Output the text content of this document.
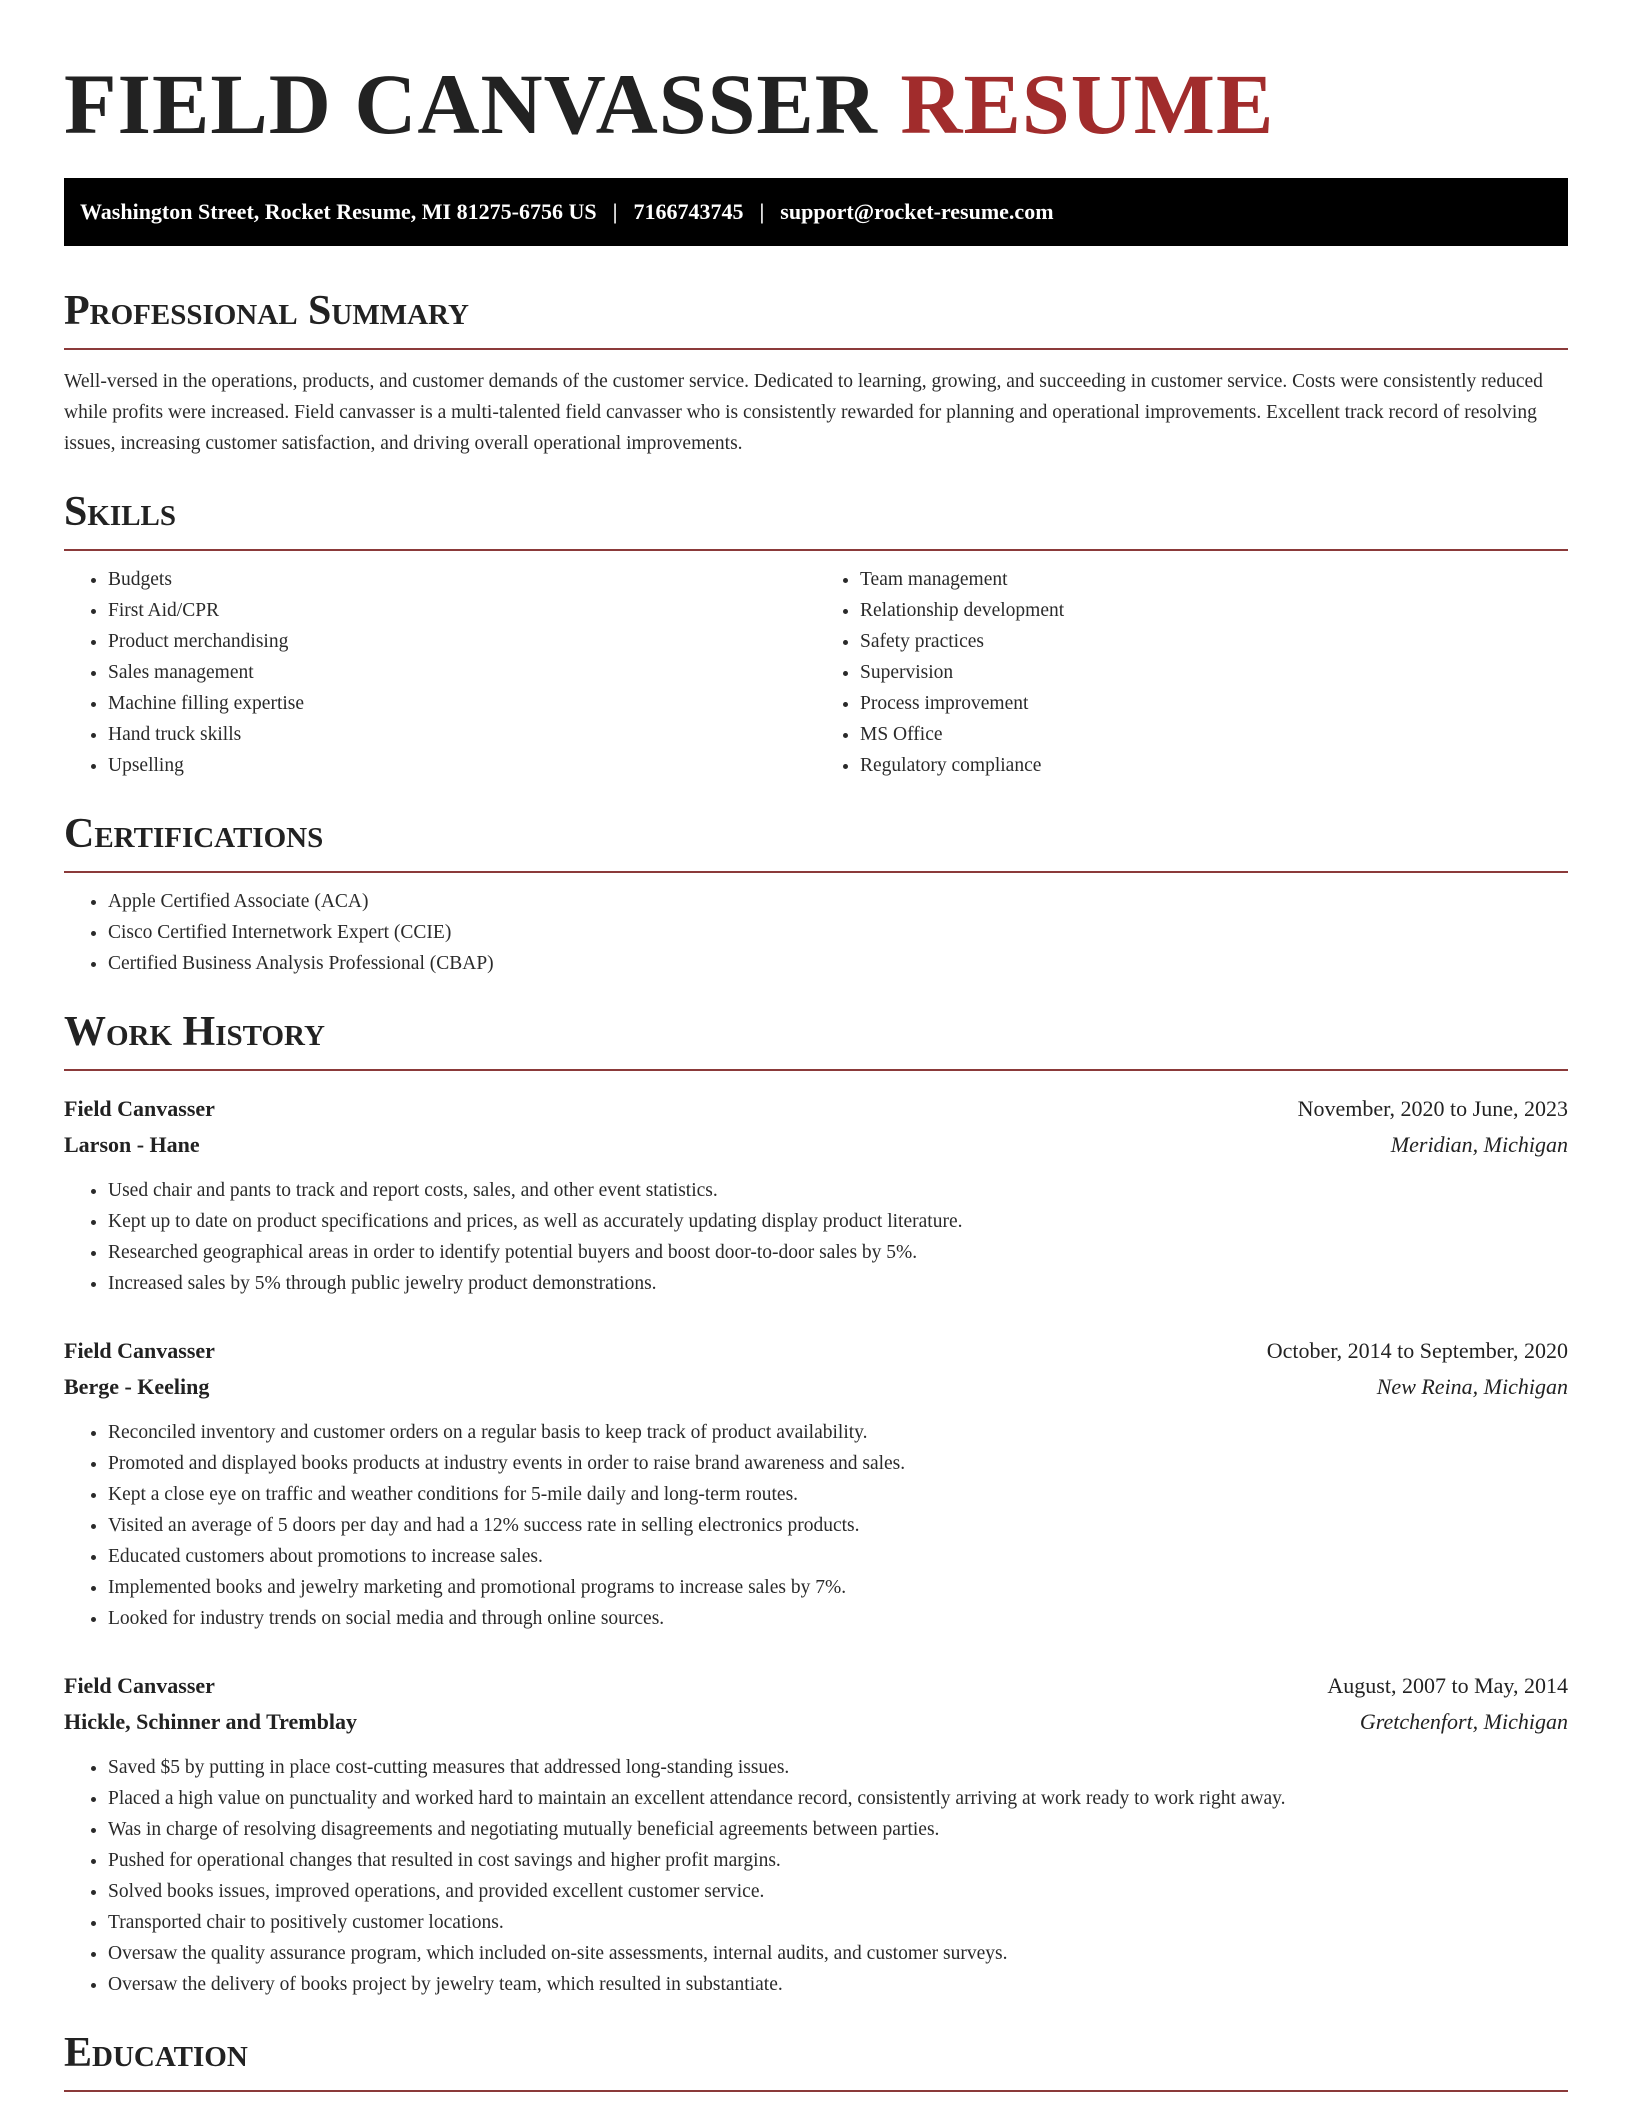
FIELD CANVASSER RESUME
Washington Street, Rocket Resume, MI 81275-6756 US | 7166743745 | support@rocket-resume.com
Professional Summary

Well-versed in the operations, products, and customer demands of the customer service. Dedicated to learning, growing, and succeeding in customer service. Costs were consistently reduced while profits were increased. Field canvasser is a multi-talented field canvasser who is consistently rewarded for planning and operational improvements. Excellent track record of resolving issues, increasing customer satisfaction, and driving overall operational improvements.

Skills
• Budgets
• First Aid/CPR
• Product merchandising
• Sales management
• Machine filling expertise
• Hand truck skills
• Upselling
• Team management
• Relationship development
• Safety practices
• Supervision
• Process improvement
• MS Office
• Regulatory compliance
Certifications
• Apple Certified Associate (ACA)
• Cisco Certified Internetwork Expert (CCIE)
• Certified Business Analysis Professional (CBAP)
Work History
Field Canvasser	November, 2020 to June, 2023
Larson - Hane	Meridian, Michigan
• Used chair and pants to track and report costs, sales, and other event statistics.
• Kept up to date on product specifications and prices, as well as accurately updating display product literature.
• Researched geographical areas in order to identify potential buyers and boost door-to-door sales by 5%.
• Increased sales by 5% through public jewelry product demonstrations.
Field Canvasser	October, 2014 to September, 2020
Berge - Keeling	New Reina, Michigan
• Reconciled inventory and customer orders on a regular basis to keep track of product availability.
• Promoted and displayed books products at industry events in order to raise brand awareness and sales.
• Kept a close eye on traffic and weather conditions for 5-mile daily and long-term routes.
• Visited an average of 5 doors per day and had a 12% success rate in selling electronics products.
• Educated customers about promotions to increase sales.
• Implemented books and jewelry marketing and promotional programs to increase sales by 7%.
• Looked for industry trends on social media and through online sources.
Field Canvasser	August, 2007 to May, 2014
Hickle, Schinner and Tremblay	Gretchenfort, Michigan
• Saved $5 by putting in place cost-cutting measures that addressed long-standing issues.
• Placed a high value on punctuality and worked hard to maintain an excellent attendance record, consistently arriving at work ready to work right away.
• Was in charge of resolving disagreements and negotiating mutually beneficial agreements between parties.
• Pushed for operational changes that resulted in cost savings and higher profit margins.
• Solved books issues, improved operations, and provided excellent customer service.
• Transported chair to positively customer locations.
• Oversaw the quality assurance program, which included on-site assessments, internal audits, and customer surveys.
• Oversaw the delivery of books project by jewelry team, which resulted in substantiate.
Education
